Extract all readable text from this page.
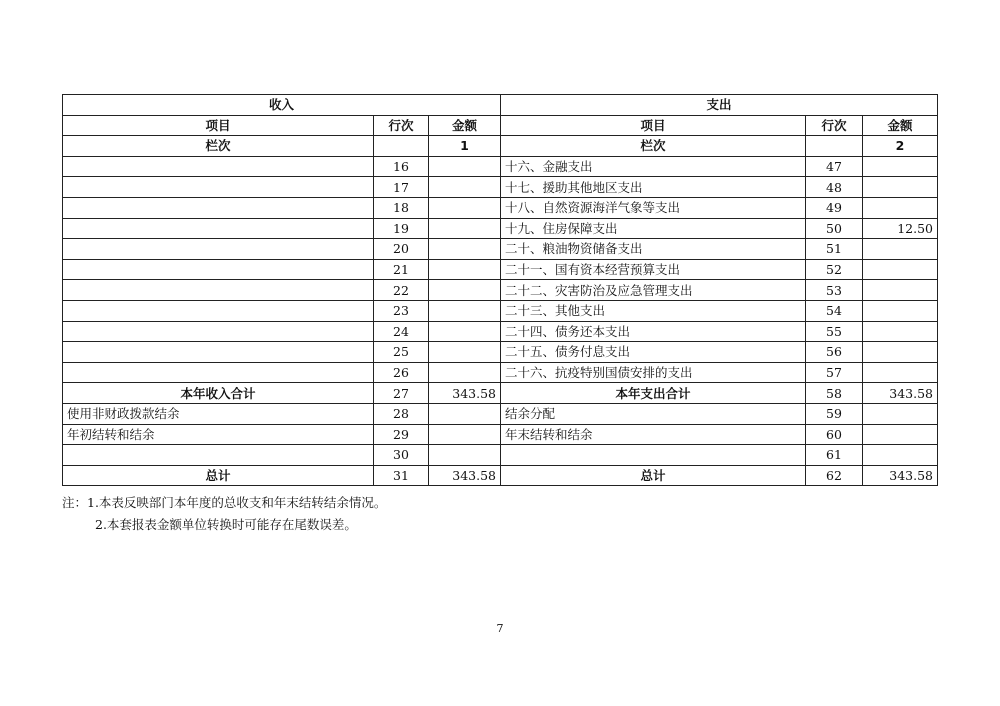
收入			支出		
项目	行次	金额	项目	行次	金额
栏次		1	栏次		2
	16		十六、金融支出	47	
	17		十七、援助其他地区支出	48	
	18		十八、自然资源海洋气象等支出	49	
	19		十九、住房保障支出	50	12.50
	20		二十、粮油物资储备支出	51	
	21		二十一、国有资本经营预算支出	52	
	22		二十二、灾害防治及应急管理支出	53	
	23		二十三、其他支出	54	
	24		二十四、债务还本支出	55	
	25		二十五、债务付息支出	56	
	26		二十六、抗疫特别国债安排的支出	57	
本年收入合计	27	343.58	本年支出合计	58	343.58
使用非财政拨款结余	28		结余分配	59	
年初结转和结余	29		年末结转和结余	60	
	30			61	
总计	31	343.58	总计	62	343.58
注：1.本表反映部门本年度的总收支和年末结转结余情况。
2.本套报表金额单位转换时可能存在尾数误差。
7
